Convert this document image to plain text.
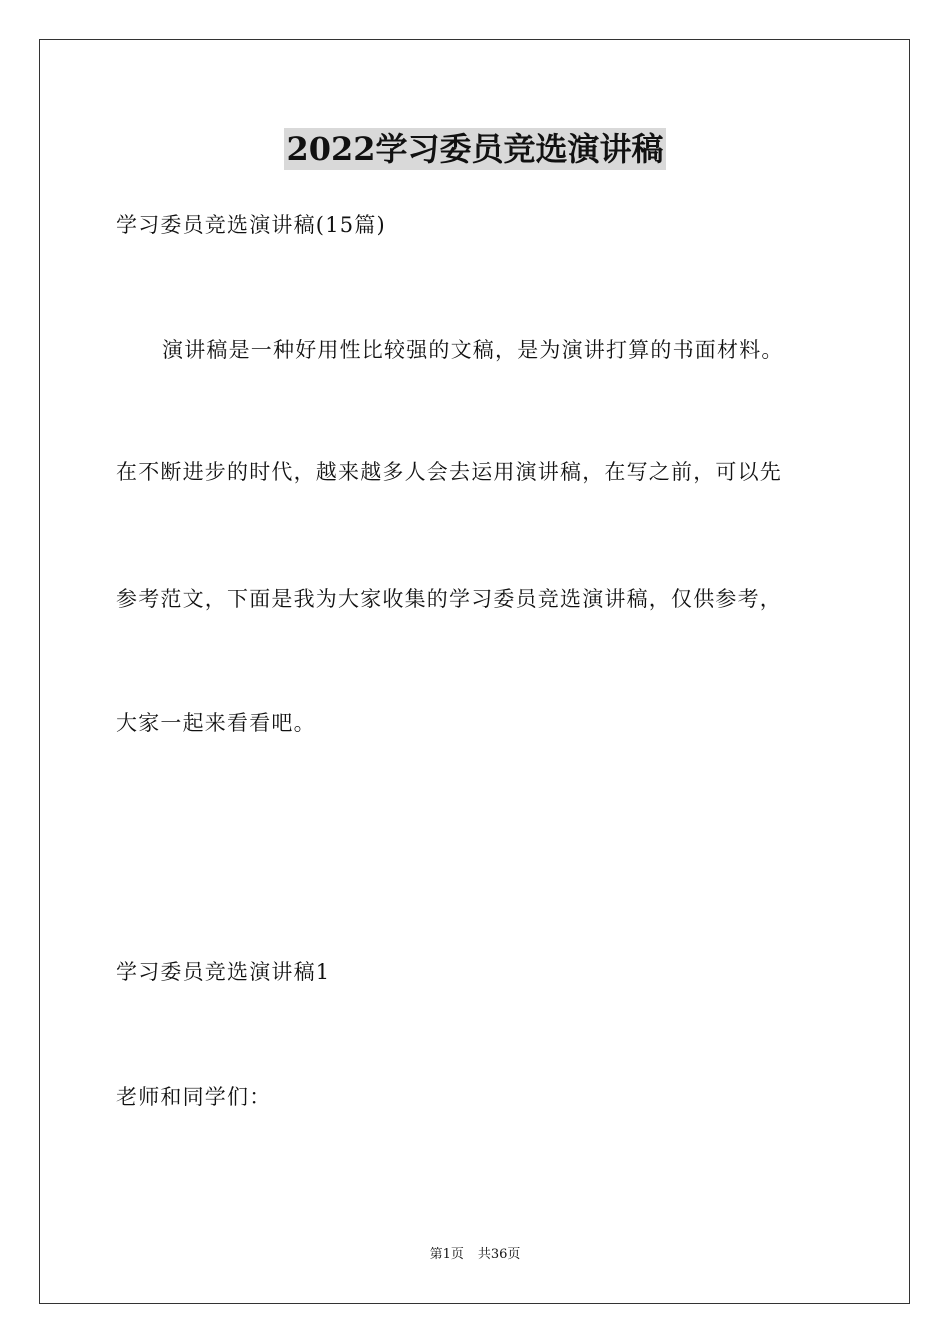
2022学习委员竞选演讲稿

学习委员竞选演讲稿(15篇)

演讲稿是一种好用性比较强的文稿，是为演讲打算的书面材料。

在不断进步的时代，越来越多人会去运用演讲稿，在写之前，可以先

参考范文，下面是我为大家收集的学习委员竞选演讲稿，仅供参考，

大家一起来看看吧。

学习委员竞选演讲稿1

老师和同学们：

第1页 共36页
